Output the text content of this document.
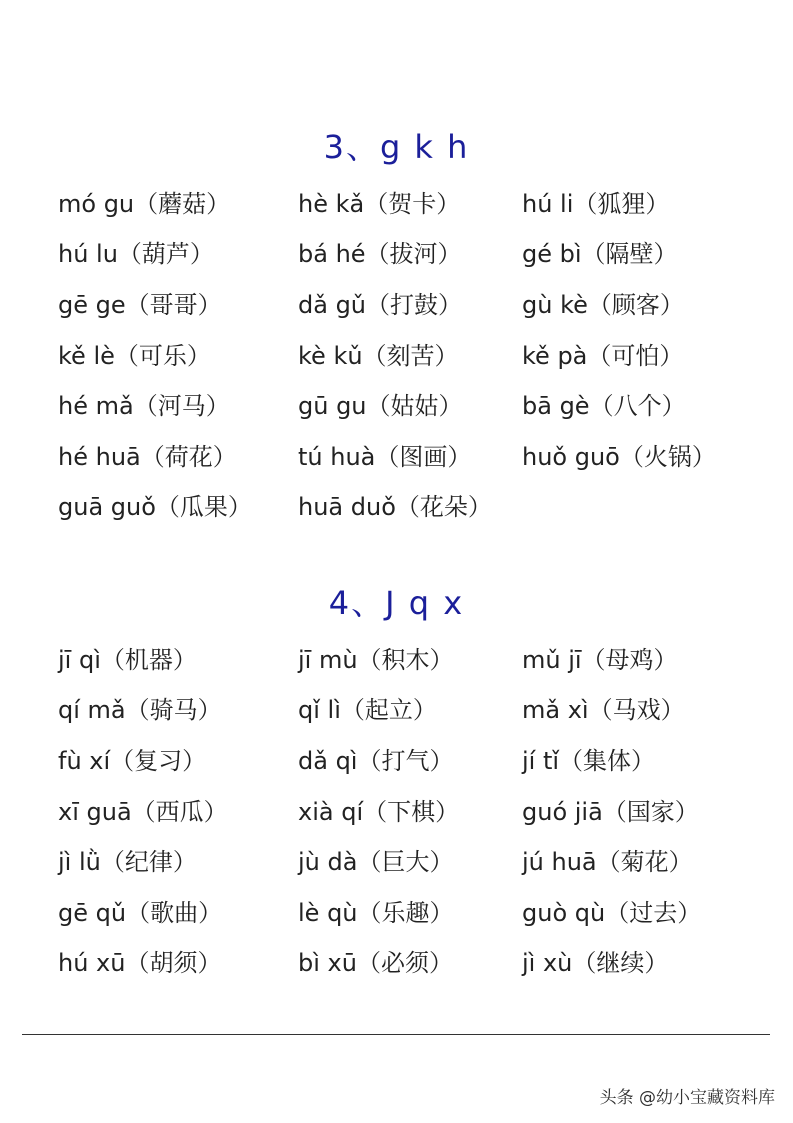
3、g k h
mó gu（蘑菇）	hè kǎ（贺卡）	hú li（狐狸）
hú lu（葫芦）	bá hé（拔河）	gé bì（隔壁）
gē ge（哥哥）	dǎ gǔ（打鼓）	gù kè（顾客）
kě lè（可乐）	kè kǔ（刻苦）	kě pà（可怕）
hé mǎ（河马）	gū gu（姑姑）	bā gè（八个）
hé huā（荷花）	tú huà（图画）	huǒ guō（火锅）
guā guǒ（瓜果）	huā duǒ（花朵）
4、J q x
jī qì（机器）	jī mù（积木）	mǔ jī（母鸡）
qí mǎ（骑马）	qǐ lì（起立）	mǎ xì（马戏）
fù xí（复习）	dǎ qì（打气）	jí tǐ（集体）
xī guā（西瓜）	xià qí（下棋）	guó jiā（国家）
jì lǜ（纪律）	jù dà（巨大）	jú huā（菊花）
gē qǔ（歌曲）	lè qù（乐趣）	guò qù（过去）
hú xū（胡须）	bì xū（必须）	jì xù（继续）
头条 @幼小宝藏资料库
